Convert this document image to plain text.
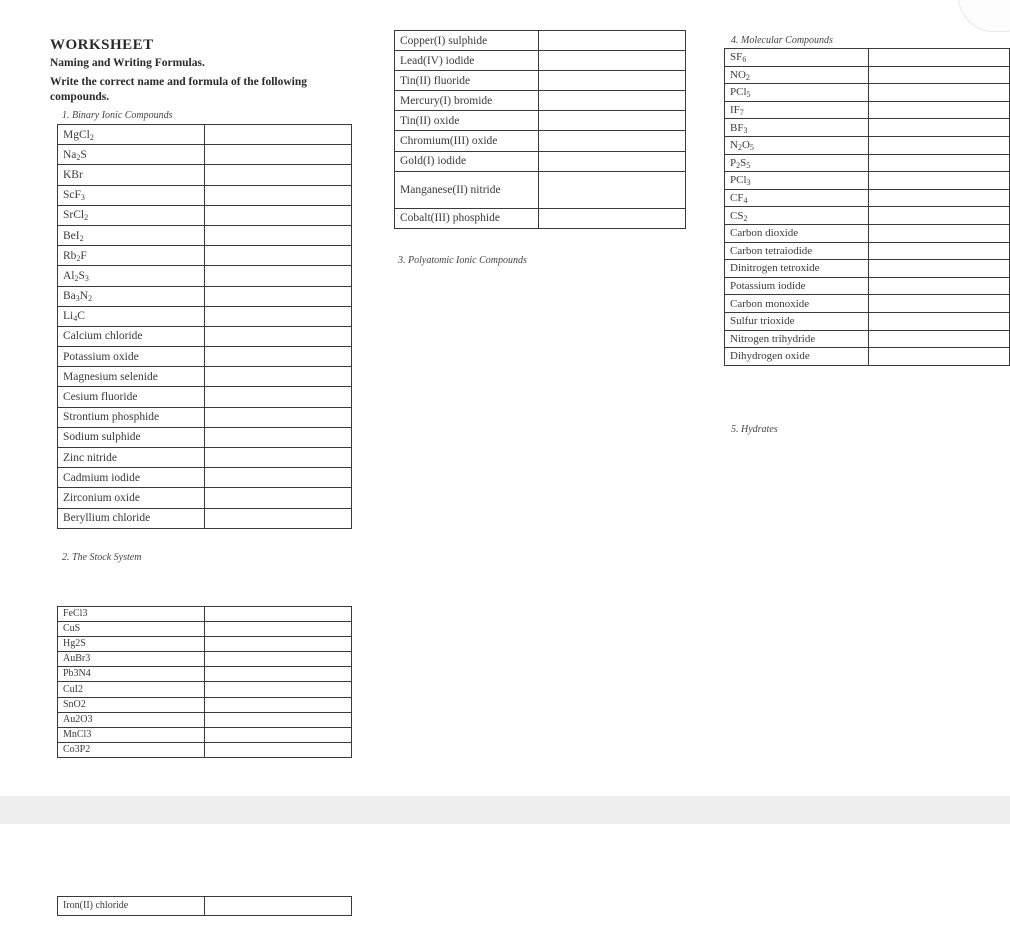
WORKSHEET
Naming and Writing Formulas.
Write the correct name and formula of the following compounds.
1. Binary Ionic Compounds
MgCl$_2$	
$Na_2S$	
KBr	
ScF$_3$	
SrCl$_2$	
BeI$_2$	
$Rb_2F$	
$Al_2S_3$	
$Ba_3N_2$	
$Li_4C$	
Calcium chloride	
Potassium oxide	
Magnesium selenide	
Cesium fluoride	
Strontium phosphide	
Sodium sulphide	
Zinc nitride	
Cadmium iodide	
Zirconium oxide	
Beryllium chloride	
2. The Stock System
FeCl3	
CuS	
Hg2S	
AuBr3	
Pb3N4	
CuI2	
SnO2	
Au2O3	
MnCl3	
Co3P2	
Copper(I) sulphide	
Lead(IV) iodide	
Tin(II) fluoride	
Mercury(I) bromide	
Tin(II) oxide	
Chromium(III) oxide	
Gold(I) iodide	
Manganese(II) nitride	
Cobalt(III) phosphide	
3. Polyatomic Ionic Compounds
4. Molecular Compounds
$SF_6$	
$NO_2$	
PCl$_5$	
$IF_7$	
$BF_3$	
$N_2O_5$	
$P_2S_5$	
PCl$_3$	
$CF_4$	
$CS_2$	
Carbon dioxide	
Carbon tetraiodide	
Dinitrogen tetroxide	
Potassium iodide	
Carbon monoxide	
Sulfur trioxide	
Nitrogen trihydride	
Dihydrogen oxide	
5. Hydrates
Iron(II) chloride	
